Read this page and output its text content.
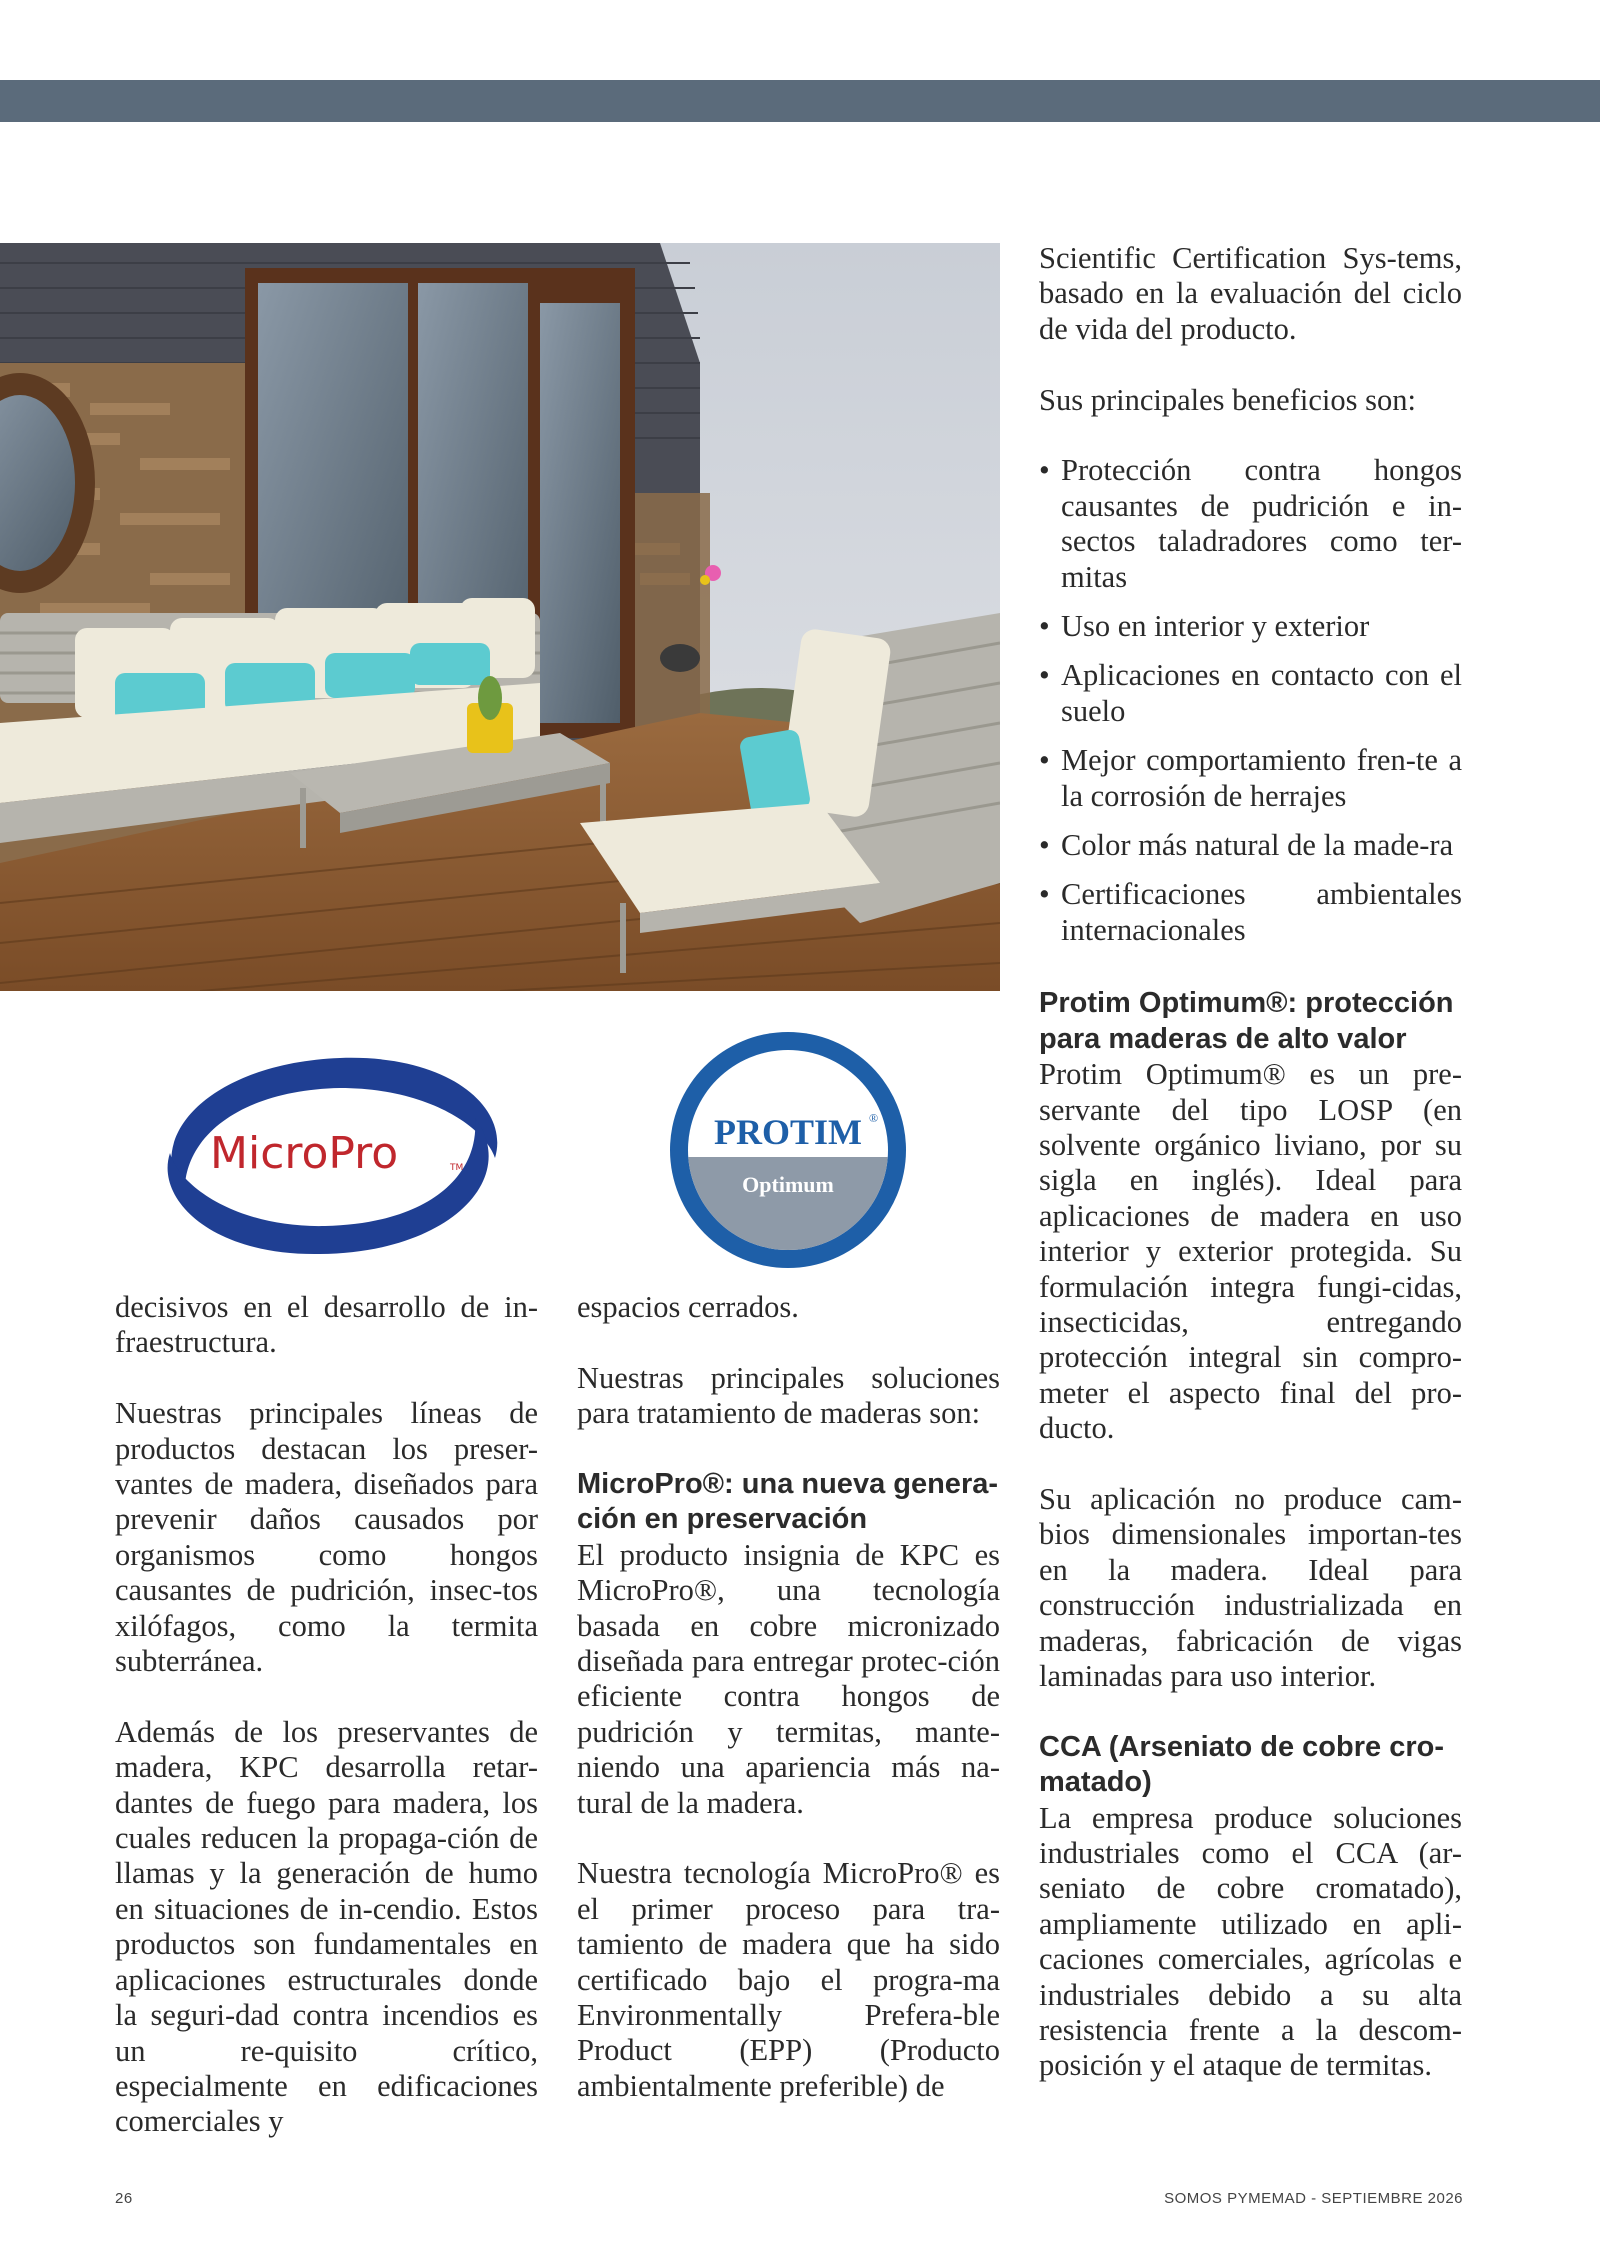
MicroPro	TM
PROTIM ®
Optimum

decisivos en el desarrollo de in-fraestructura.

Nuestras principales líneas de productos destacan los preser-vantes de madera, diseñados para prevenir daños causados por organismos como hongos causantes de pudrición, insec-tos xilófagos, como la termita subterránea.

Además de los preservantes de madera, KPC desarrolla retar-dantes de fuego para madera, los cuales reducen la propaga-ción de llamas y la generación de humo en situaciones de in-cendio. Estos productos son fundamentales en aplicaciones estructurales donde la seguri-dad contra incendios es un re-quisito crítico, especialmente en edificaciones comerciales y

espacios cerrados.

Nuestras principales soluciones para tratamiento de maderas son:

MicroPro®: una nueva genera-ción en preservación

El producto insignia de KPC es MicroPro®, una tecnología basada en cobre micronizado diseñada para entregar protec-ción eficiente contra hongos de pudrición y termitas, mante-niendo una apariencia más na-tural de la madera.

Nuestra tecnología MicroPro® es el primer proceso para tra-tamiento de madera que ha sido certificado bajo el progra-ma Environmentally Prefera-ble Product (EPP) (Producto ambientalmente preferible) de

Scientific Certification Sys-tems, basado en la evaluación del ciclo de vida del producto.

Sus principales beneficios son:

• Protección contra hongos causantes de pudrición e in-sectos taladradores como ter-mitas
• Uso en interior y exterior
• Aplicaciones en contacto con el suelo
• Mejor comportamiento fren-te a la corrosión de herrajes
• Color más natural de la made-ra
• Certificaciones ambientales internacionales
Protim Optimum®: protección para maderas de alto valor

Protim Optimum® es un pre-servante del tipo LOSP (en solvente orgánico liviano, por su sigla en inglés). Ideal para aplicaciones de madera en uso interior y exterior protegida. Su formulación integra fungi-cidas, insecticidas, entregando protección integral sin compro-meter el aspecto final del pro-ducto.

Su aplicación no produce cam-bios dimensionales importan-tes en la madera. Ideal para construcción industrializada en maderas, fabricación de vigas laminadas para uso interior.

CCA (Arseniato de cobre cro-matado)

La empresa produce soluciones industriales como el CCA (ar-seniato de cobre cromatado), ampliamente utilizado en apli-caciones comerciales, agrícolas e industriales debido a su alta resistencia frente a la descom-posición y el ataque de termitas.

26	SOMOS PYMEMAD - SEPTIEMBRE 2026
